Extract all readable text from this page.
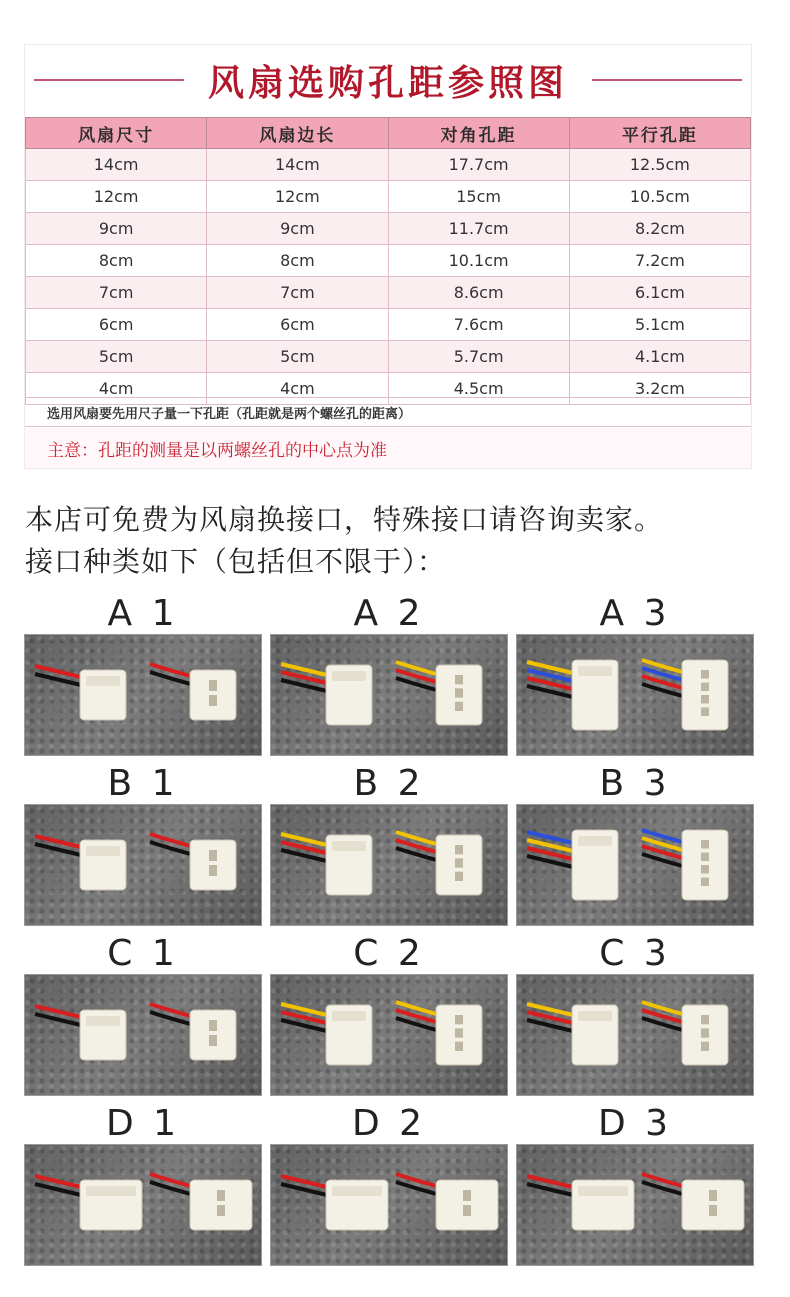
风扇选购孔距参照图
风扇尺寸	风扇边长	对角孔距	平行孔距
14cm	14cm	17.7cm	12.5cm
12cm	12cm	15cm	10.5cm
9cm	9cm	11.7cm	8.2cm
8cm	8cm	10.1cm	7.2cm
7cm	7cm	8.6cm	6.1cm
6cm	6cm	7.6cm	5.1cm
5cm	5cm	5.7cm	4.1cm
4cm	4cm	4.5cm	3.2cm
选用风扇要先用尺子量一下孔距（孔距就是两个螺丝孔的距离）
主意：孔距的测量是以两螺丝孔的中心点为准
本店可免费为风扇换接口，特殊接口请咨询卖家。
接口种类如下（包括但不限于）：
A 1	A 2	A 3
B 1	B 2	B 3
C 1	C 2	C 3
D 1	D 2	D 3
